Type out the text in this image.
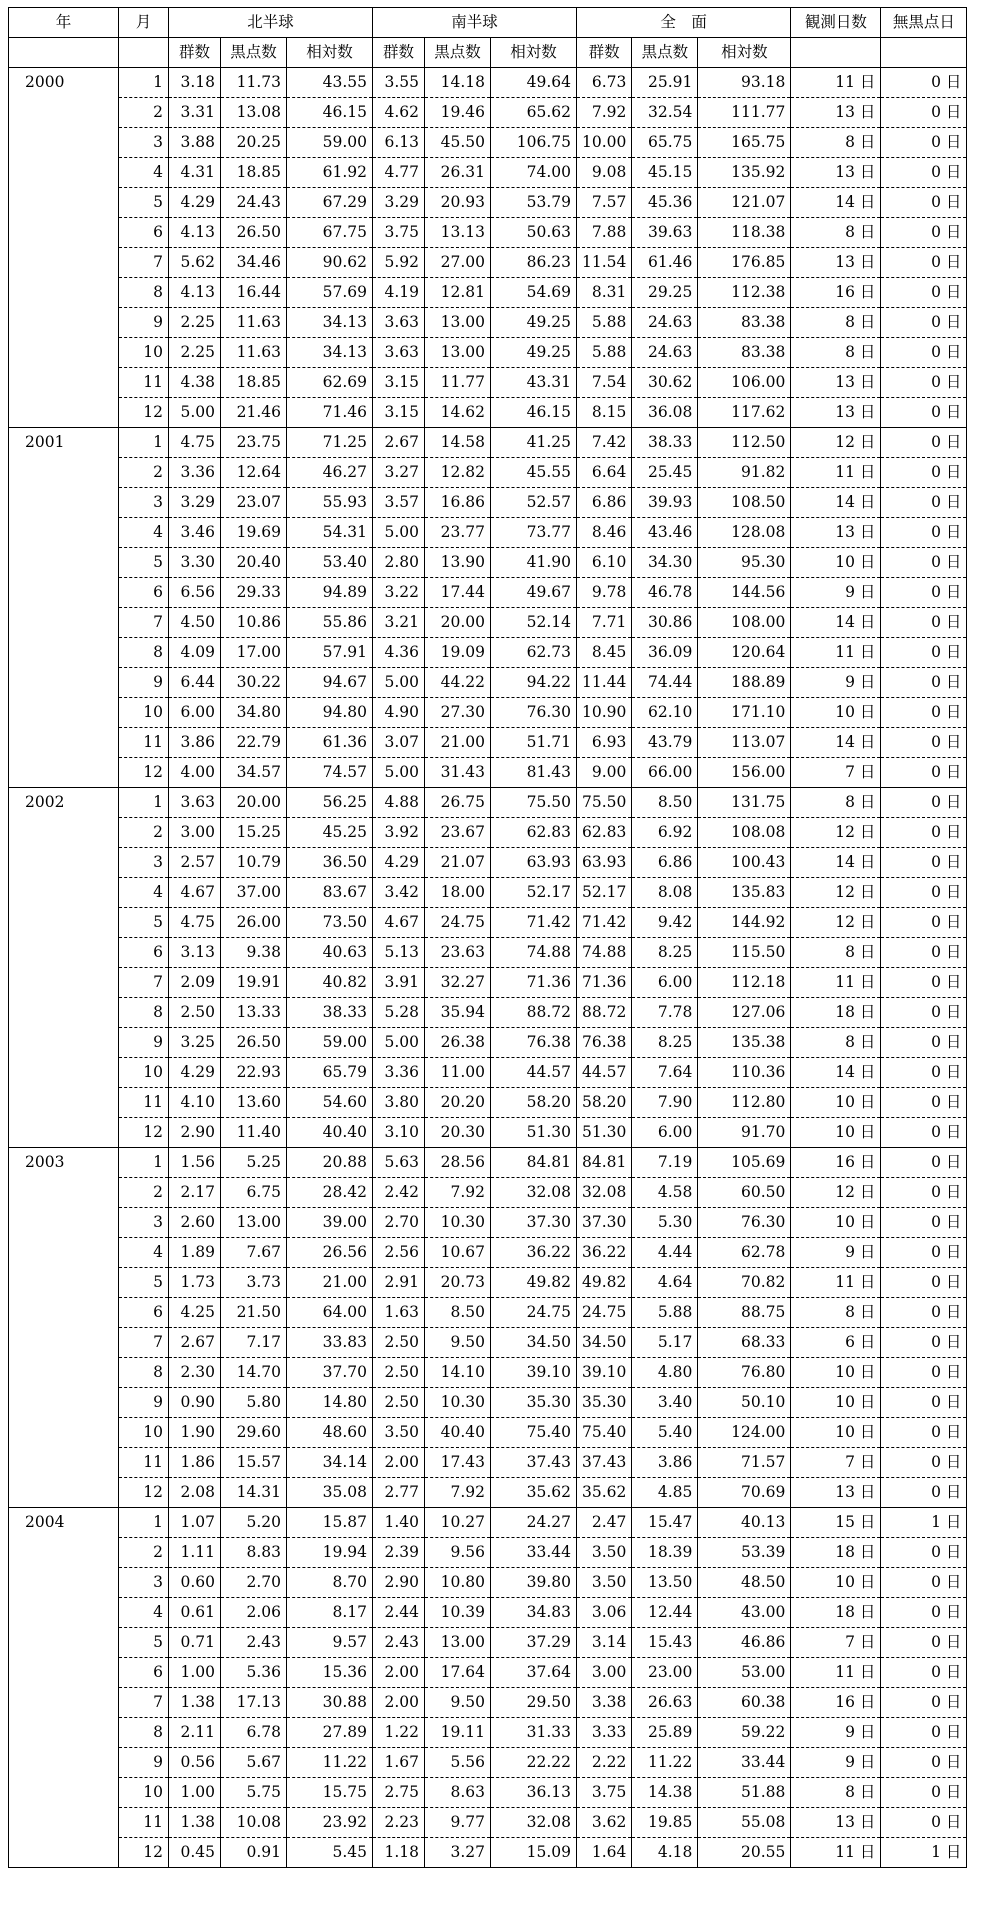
年	月	北半球			南半球			全　面			観測日数	無黒点日
		群数	黒点数	相対数	群数	黒点数	相対数	群数	黒点数	相対数		
2000	1	3.18	11.73	43.55	3.55	14.18	49.64	6.73	25.91	93.18	11 日	0 日
	2	3.31	13.08	46.15	4.62	19.46	65.62	7.92	32.54	111.77	13 日	0 日
	3	3.88	20.25	59.00	6.13	45.50	106.75	10.00	65.75	165.75	8 日	0 日
	4	4.31	18.85	61.92	4.77	26.31	74.00	9.08	45.15	135.92	13 日	0 日
	5	4.29	24.43	67.29	3.29	20.93	53.79	7.57	45.36	121.07	14 日	0 日
	6	4.13	26.50	67.75	3.75	13.13	50.63	7.88	39.63	118.38	8 日	0 日
	7	5.62	34.46	90.62	5.92	27.00	86.23	11.54	61.46	176.85	13 日	0 日
	8	4.13	16.44	57.69	4.19	12.81	54.69	8.31	29.25	112.38	16 日	0 日
	9	2.25	11.63	34.13	3.63	13.00	49.25	5.88	24.63	83.38	8 日	0 日
	10	2.25	11.63	34.13	3.63	13.00	49.25	5.88	24.63	83.38	8 日	0 日
	11	4.38	18.85	62.69	3.15	11.77	43.31	7.54	30.62	106.00	13 日	0 日
	12	5.00	21.46	71.46	3.15	14.62	46.15	8.15	36.08	117.62	13 日	0 日
2001	1	4.75	23.75	71.25	2.67	14.58	41.25	7.42	38.33	112.50	12 日	0 日
	2	3.36	12.64	46.27	3.27	12.82	45.55	6.64	25.45	91.82	11 日	0 日
	3	3.29	23.07	55.93	3.57	16.86	52.57	6.86	39.93	108.50	14 日	0 日
	4	3.46	19.69	54.31	5.00	23.77	73.77	8.46	43.46	128.08	13 日	0 日
	5	3.30	20.40	53.40	2.80	13.90	41.90	6.10	34.30	95.30	10 日	0 日
	6	6.56	29.33	94.89	3.22	17.44	49.67	9.78	46.78	144.56	9 日	0 日
	7	4.50	10.86	55.86	3.21	20.00	52.14	7.71	30.86	108.00	14 日	0 日
	8	4.09	17.00	57.91	4.36	19.09	62.73	8.45	36.09	120.64	11 日	0 日
	9	6.44	30.22	94.67	5.00	44.22	94.22	11.44	74.44	188.89	9 日	0 日
	10	6.00	34.80	94.80	4.90	27.30	76.30	10.90	62.10	171.10	10 日	0 日
	11	3.86	22.79	61.36	3.07	21.00	51.71	6.93	43.79	113.07	14 日	0 日
	12	4.00	34.57	74.57	5.00	31.43	81.43	9.00	66.00	156.00	7 日	0 日
2002	1	3.63	20.00	56.25	4.88	26.75	75.50	75.50	8.50	131.75	8 日	0 日
	2	3.00	15.25	45.25	3.92	23.67	62.83	62.83	6.92	108.08	12 日	0 日
	3	2.57	10.79	36.50	4.29	21.07	63.93	63.93	6.86	100.43	14 日	0 日
	4	4.67	37.00	83.67	3.42	18.00	52.17	52.17	8.08	135.83	12 日	0 日
	5	4.75	26.00	73.50	4.67	24.75	71.42	71.42	9.42	144.92	12 日	0 日
	6	3.13	9.38	40.63	5.13	23.63	74.88	74.88	8.25	115.50	8 日	0 日
	7	2.09	19.91	40.82	3.91	32.27	71.36	71.36	6.00	112.18	11 日	0 日
	8	2.50	13.33	38.33	5.28	35.94	88.72	88.72	7.78	127.06	18 日	0 日
	9	3.25	26.50	59.00	5.00	26.38	76.38	76.38	8.25	135.38	8 日	0 日
	10	4.29	22.93	65.79	3.36	11.00	44.57	44.57	7.64	110.36	14 日	0 日
	11	4.10	13.60	54.60	3.80	20.20	58.20	58.20	7.90	112.80	10 日	0 日
	12	2.90	11.40	40.40	3.10	20.30	51.30	51.30	6.00	91.70	10 日	0 日
2003	1	1.56	5.25	20.88	5.63	28.56	84.81	84.81	7.19	105.69	16 日	0 日
	2	2.17	6.75	28.42	2.42	7.92	32.08	32.08	4.58	60.50	12 日	0 日
	3	2.60	13.00	39.00	2.70	10.30	37.30	37.30	5.30	76.30	10 日	0 日
	4	1.89	7.67	26.56	2.56	10.67	36.22	36.22	4.44	62.78	9 日	0 日
	5	1.73	3.73	21.00	2.91	20.73	49.82	49.82	4.64	70.82	11 日	0 日
	6	4.25	21.50	64.00	1.63	8.50	24.75	24.75	5.88	88.75	8 日	0 日
	7	2.67	7.17	33.83	2.50	9.50	34.50	34.50	5.17	68.33	6 日	0 日
	8	2.30	14.70	37.70	2.50	14.10	39.10	39.10	4.80	76.80	10 日	0 日
	9	0.90	5.80	14.80	2.50	10.30	35.30	35.30	3.40	50.10	10 日	0 日
	10	1.90	29.60	48.60	3.50	40.40	75.40	75.40	5.40	124.00	10 日	0 日
	11	1.86	15.57	34.14	2.00	17.43	37.43	37.43	3.86	71.57	7 日	0 日
	12	2.08	14.31	35.08	2.77	7.92	35.62	35.62	4.85	70.69	13 日	0 日
2004	1	1.07	5.20	15.87	1.40	10.27	24.27	2.47	15.47	40.13	15 日	1 日
	2	1.11	8.83	19.94	2.39	9.56	33.44	3.50	18.39	53.39	18 日	0 日
	3	0.60	2.70	8.70	2.90	10.80	39.80	3.50	13.50	48.50	10 日	0 日
	4	0.61	2.06	8.17	2.44	10.39	34.83	3.06	12.44	43.00	18 日	0 日
	5	0.71	2.43	9.57	2.43	13.00	37.29	3.14	15.43	46.86	7 日	0 日
	6	1.00	5.36	15.36	2.00	17.64	37.64	3.00	23.00	53.00	11 日	0 日
	7	1.38	17.13	30.88	2.00	9.50	29.50	3.38	26.63	60.38	16 日	0 日
	8	2.11	6.78	27.89	1.22	19.11	31.33	3.33	25.89	59.22	9 日	0 日
	9	0.56	5.67	11.22	1.67	5.56	22.22	2.22	11.22	33.44	9 日	0 日
	10	1.00	5.75	15.75	2.75	8.63	36.13	3.75	14.38	51.88	8 日	0 日
	11	1.38	10.08	23.92	2.23	9.77	32.08	3.62	19.85	55.08	13 日	0 日
	12	0.45	0.91	5.45	1.18	3.27	15.09	1.64	4.18	20.55	11 日	1 日
